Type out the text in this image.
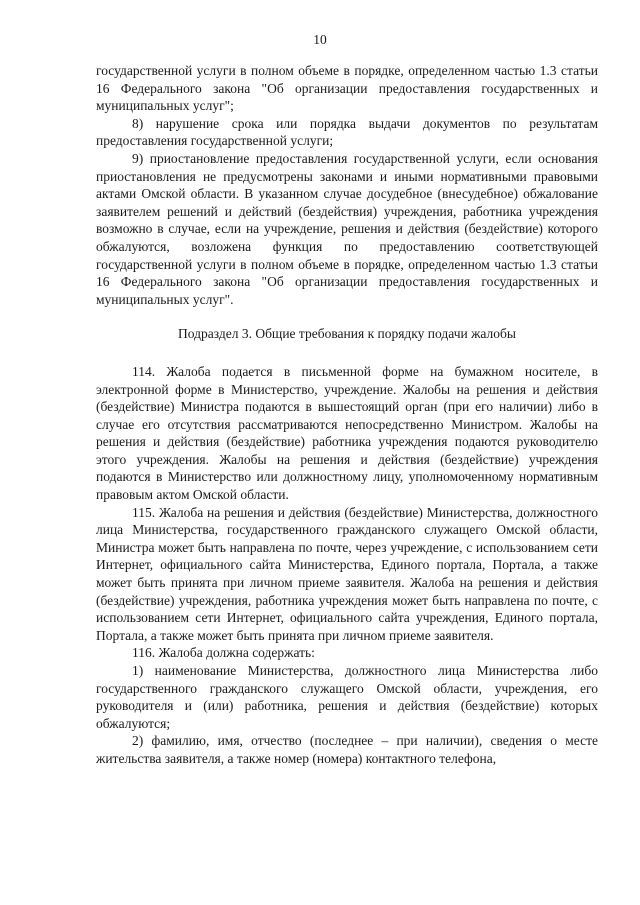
10

государственной услуги в полном объеме в порядке, определенном частью 1.3 статьи 16 Федерального закона "Об организации предоставления государственных и муниципальных услуг";

8) нарушение срока или порядка выдачи документов по результатам предоставления государственной услуги;

9) приостановление предоставления государственной услуги, если основания приостановления не предусмотрены законами и иными нормативными правовыми актами Омской области. В указанном случае досудебное (внесудебное) обжалование заявителем решений и действий (бездействия) учреждения, работника учреждения возможно в случае, если на учреждение, решения и действия (бездействие) которого обжалуются, возложена функция по предоставлению соответствующей государственной услуги в полном объеме в порядке, определенном частью 1.3 статьи 16 Федерального закона "Об организации предоставления государственных и муниципальных услуг".

Подраздел 3. Общие требования к порядку подачи жалобы

114. Жалоба подается в письменной форме на бумажном носителе, в электронной форме в Министерство, учреждение. Жалобы на решения и действия (бездействие) Министра подаются в вышестоящий орган (при его наличии) либо в случае его отсутствия рассматриваются непосредственно Министром. Жалобы на решения и действия (бездействие) работника учреждения подаются руководителю этого учреждения. Жалобы на решения и действия (бездействие) учреждения подаются в Министерство или должностному лицу, уполномоченному нормативным правовым актом Омской области.

115. Жалоба на решения и действия (бездействие) Министерства, должностного лица Министерства, государственного гражданского служащего Омской области, Министра может быть направлена по почте, через учреждение, с использованием сети Интернет, официального сайта Министерства, Единого портала, Портала, а также может быть принята при личном приеме заявителя. Жалоба на решения и действия (бездействие) учреждения, работника учреждения может быть направлена по почте, с использованием сети Интернет, официального сайта учреждения, Единого портала, Портала, а также может быть принята при личном приеме заявителя.

116. Жалоба должна содержать:

1) наименование Министерства, должностного лица Министерства либо государственного гражданского служащего Омской области, учреждения, его руководителя и (или) работника, решения и действия (бездействие) которых обжалуются;

2) фамилию, имя, отчество (последнее – при наличии), сведения о месте жительства заявителя, а также номер (номера) контактного телефона,
